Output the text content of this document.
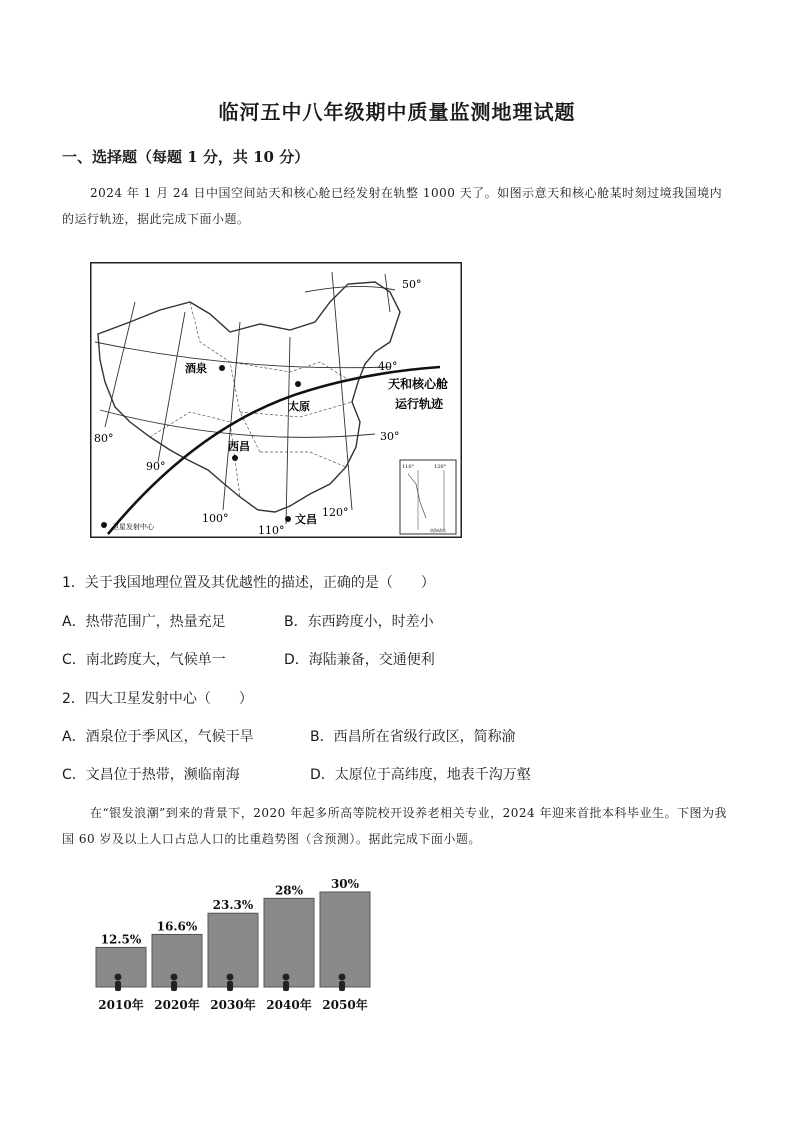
临河五中八年级期中质量监测地理试题
一、选择题（每题 1 分，共 10 分）
2024 年 1 月 24 日中国空间站天和核心舱已经发射在轨整 1000 天了。如图示意天和核心舱某时刻过境我国境内的运行轨迹，据此完成下面小题。
50°
40°
30°
80°
90°
100°
110°
120°
酒泉
太原
西昌
文昌
天和核心舱
运行轨迹
卫星发射中心
110°	120°
南海诸岛
1．关于我国地理位置及其优越性的描述，正确的是（　　）
A．热带范围广，热量充足	B．东西跨度小，时差小
C．南北跨度大，气候单一	D．海陆兼备，交通便利
2．四大卫星发射中心（　　）
A．酒泉位于季风区，气候干旱	B．西昌所在省级行政区，简称渝
C．文昌位于热带，濒临南海	D．太原位于高纬度，地表千沟万壑
在“银发浪潮”到来的背景下，2020 年起多所高等院校开设养老相关专业，2024 年迎来首批本科毕业生。下图为我国 60 岁及以上人口占总人口的比重趋势图（含预测）。据此完成下面小题。
12.5%
2010年
16.6%
2020年
23.3%
2030年
28%
2040年
30%
2050年
